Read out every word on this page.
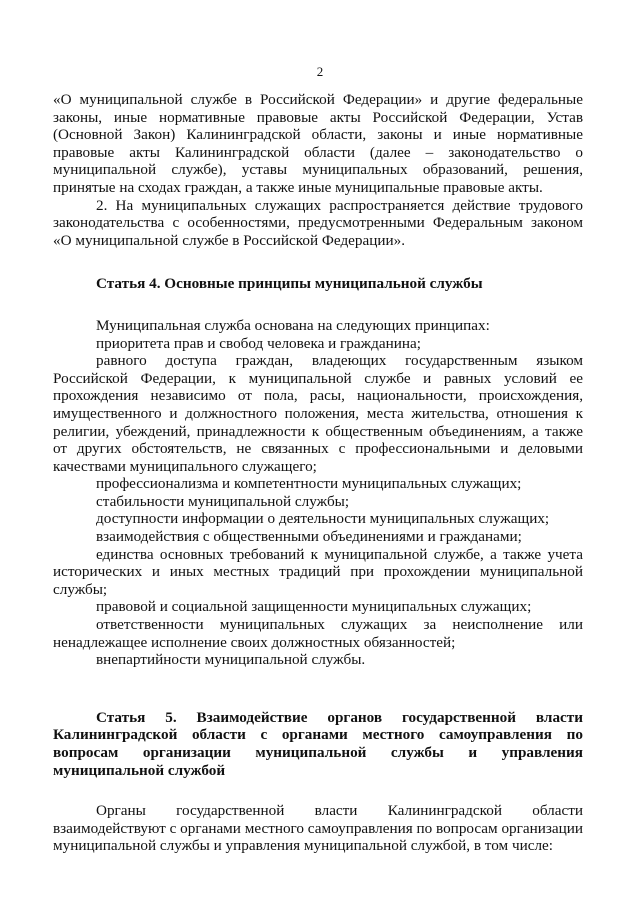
2

«О муниципальной службе в Российской Федерации» и другие федеральные законы, иные нормативные правовые акты Российской Федерации, Устав (Основной Закон) Калининградской области, законы и иные нормативные правовые акты Калининградской области (далее – законодательство о муниципальной службе), уставы муниципальных образований, решения, принятые на сходах граждан, а также иные муниципальные правовые акты.

2. На муниципальных служащих распространяется действие трудового законодательства с особенностями, предусмотренными Федеральным законом «О муниципальной службе в Российской Федерации».

Статья 4. Основные принципы муниципальной службы

Муниципальная служба основана на следующих принципах:

приоритета прав и свобод человека и гражданина;

равного доступа граждан, владеющих государственным языком Российской Федерации, к муниципальной службе и равных условий ее прохождения независимо от пола, расы, национальности, происхождения, имущественного и должностного положения, места жительства, отношения к религии, убеждений, принадлежности к общественным объединениям, а также от других обстоятельств, не связанных с профессиональными и деловыми качествами муниципального служащего;

профессионализма и компетентности муниципальных служащих;

стабильности муниципальной службы;

доступности информации о деятельности муниципальных служащих;

взаимодействия с общественными объединениями и гражданами;

единства основных требований к муниципальной службе, а также учета исторических и иных местных традиций при прохождении муниципальной службы;

правовой и социальной защищенности муниципальных служащих;

ответственности муниципальных служащих за неисполнение или ненадлежащее исполнение своих должностных обязанностей;

внепартийности муниципальной службы.

Статья 5. Взаимодействие органов государственной власти Калининградской области с органами местного самоуправления по вопросам организации муниципальной службы и управления муниципальной службой

Органы государственной власти Калининградской области взаимодействуют с органами местного самоуправления по вопросам организации муниципальной службы и управления муниципальной службой, в том числе:
